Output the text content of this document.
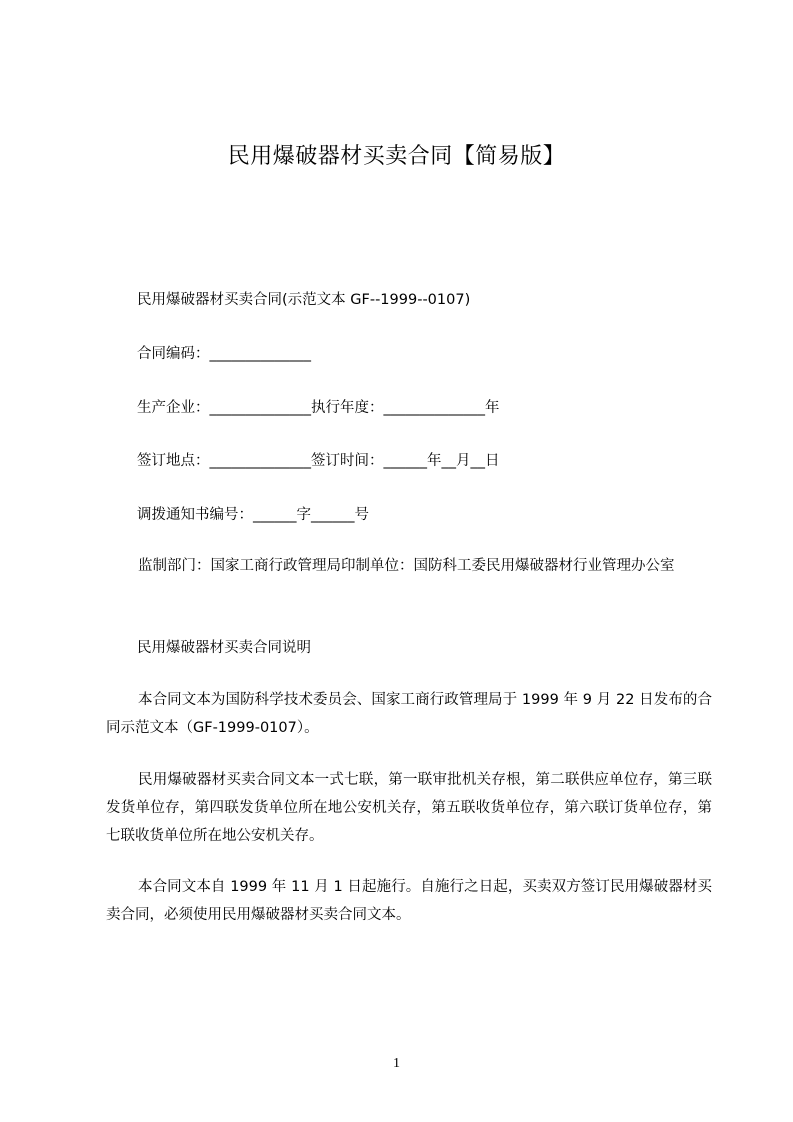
民用爆破器材买卖合同【简易版】
民用爆破器材买卖合同(示范文本 GF--1999--0107)
合同编码：______________
生产企业：______________执行年度：______________年
签订地点：______________签订时间：______年__月__日
调拨通知书编号：______字______号
监制部门：国家工商行政管理局印制单位：国防科工委民用爆破器材行业管理办公室
民用爆破器材买卖合同说明
本合同文本为国防科学技术委员会、国家工商行政管理局于 1999 年 9 月 22 日发布的合同示范文本（GF-1999-0107）。
民用爆破器材买卖合同文本一式七联，第一联审批机关存根，第二联供应单位存，第三联发货单位存，第四联发货单位所在地公安机关存，第五联收货单位存，第六联订货单位存，第七联收货单位所在地公安机关存。
本合同文本自 1999 年 11 月 1 日起施行。自施行之日起，买卖双方签订民用爆破器材买卖合同，必须使用民用爆破器材买卖合同文本。
1
